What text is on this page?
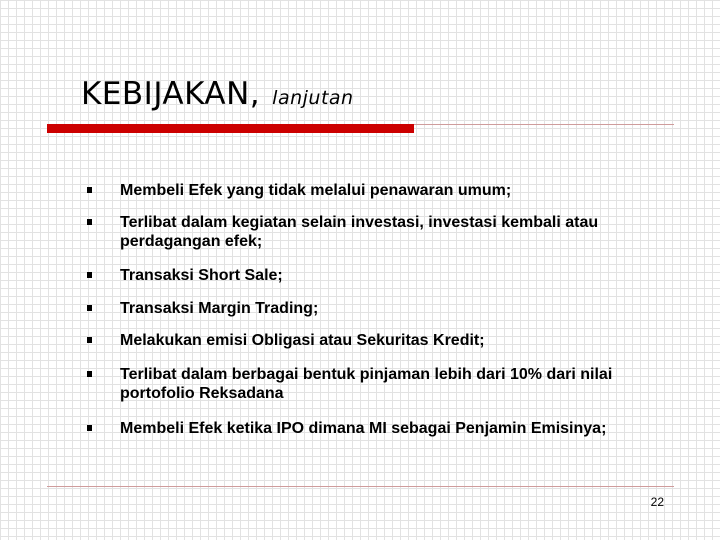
KEBIJAKAN, lanjutan
Membeli Efek yang tidak melalui penawaran umum;
Terlibat dalam kegiatan selain investasi, investasi kembali atau perdagangan efek;
Transaksi Short Sale;
Transaksi Margin Trading;
Melakukan emisi Obligasi atau Sekuritas Kredit;
Terlibat dalam berbagai bentuk pinjaman lebih dari 10% dari nilai portofolio Reksadana
Membeli Efek ketika IPO dimana MI sebagai Penjamin Emisinya;
22
